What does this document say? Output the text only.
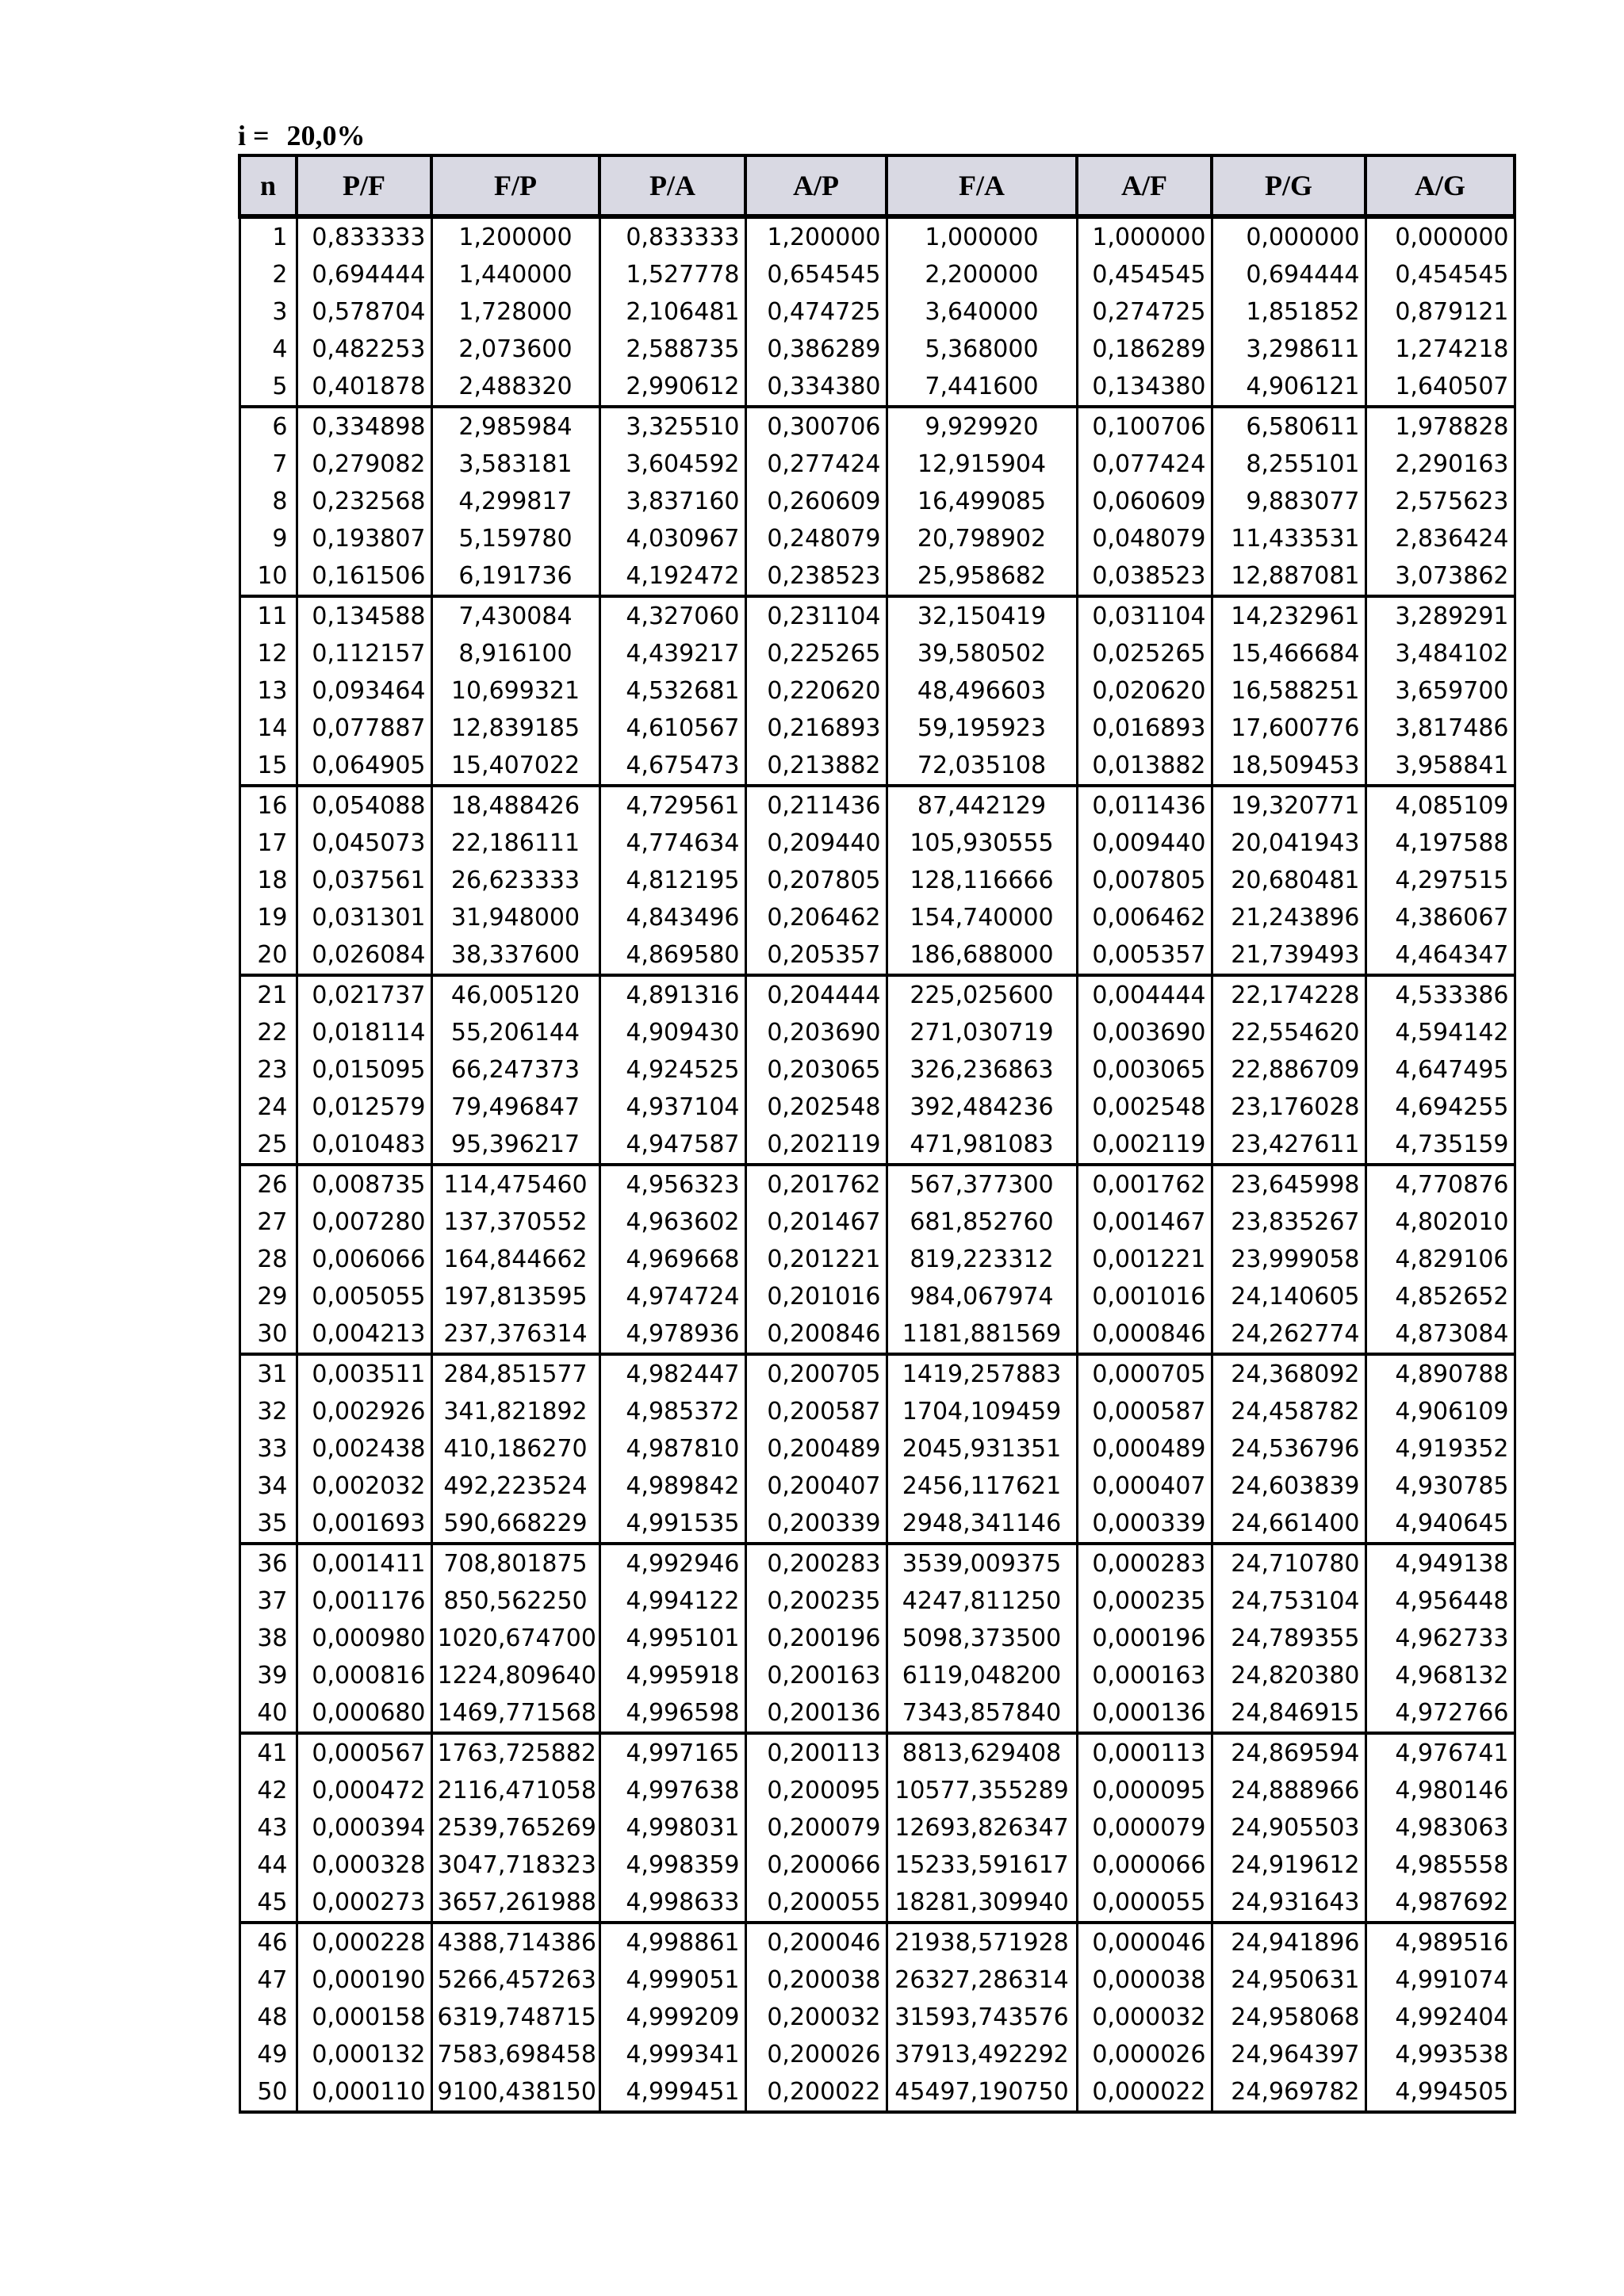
i = 20,0%
n	P/F	F/P	P/A	A/P	F/A	A/F	P/G	A/G
1	0,833333	1,200000	0,833333	1,200000	1,000000	1,000000	0,000000	0,000000
2	0,694444	1,440000	1,527778	0,654545	2,200000	0,454545	0,694444	0,454545
3	0,578704	1,728000	2,106481	0,474725	3,640000	0,274725	1,851852	0,879121
4	0,482253	2,073600	2,588735	0,386289	5,368000	0,186289	3,298611	1,274218
5	0,401878	2,488320	2,990612	0,334380	7,441600	0,134380	4,906121	1,640507
6	0,334898	2,985984	3,325510	0,300706	9,929920	0,100706	6,580611	1,978828
7	0,279082	3,583181	3,604592	0,277424	12,915904	0,077424	8,255101	2,290163
8	0,232568	4,299817	3,837160	0,260609	16,499085	0,060609	9,883077	2,575623
9	0,193807	5,159780	4,030967	0,248079	20,798902	0,048079	11,433531	2,836424
10	0,161506	6,191736	4,192472	0,238523	25,958682	0,038523	12,887081	3,073862
11	0,134588	7,430084	4,327060	0,231104	32,150419	0,031104	14,232961	3,289291
12	0,112157	8,916100	4,439217	0,225265	39,580502	0,025265	15,466684	3,484102
13	0,093464	10,699321	4,532681	0,220620	48,496603	0,020620	16,588251	3,659700
14	0,077887	12,839185	4,610567	0,216893	59,195923	0,016893	17,600776	3,817486
15	0,064905	15,407022	4,675473	0,213882	72,035108	0,013882	18,509453	3,958841
16	0,054088	18,488426	4,729561	0,211436	87,442129	0,011436	19,320771	4,085109
17	0,045073	22,186111	4,774634	0,209440	105,930555	0,009440	20,041943	4,197588
18	0,037561	26,623333	4,812195	0,207805	128,116666	0,007805	20,680481	4,297515
19	0,031301	31,948000	4,843496	0,206462	154,740000	0,006462	21,243896	4,386067
20	0,026084	38,337600	4,869580	0,205357	186,688000	0,005357	21,739493	4,464347
21	0,021737	46,005120	4,891316	0,204444	225,025600	0,004444	22,174228	4,533386
22	0,018114	55,206144	4,909430	0,203690	271,030719	0,003690	22,554620	4,594142
23	0,015095	66,247373	4,924525	0,203065	326,236863	0,003065	22,886709	4,647495
24	0,012579	79,496847	4,937104	0,202548	392,484236	0,002548	23,176028	4,694255
25	0,010483	95,396217	4,947587	0,202119	471,981083	0,002119	23,427611	4,735159
26	0,008735	114,475460	4,956323	0,201762	567,377300	0,001762	23,645998	4,770876
27	0,007280	137,370552	4,963602	0,201467	681,852760	0,001467	23,835267	4,802010
28	0,006066	164,844662	4,969668	0,201221	819,223312	0,001221	23,999058	4,829106
29	0,005055	197,813595	4,974724	0,201016	984,067974	0,001016	24,140605	4,852652
30	0,004213	237,376314	4,978936	0,200846	1181,881569	0,000846	24,262774	4,873084
31	0,003511	284,851577	4,982447	0,200705	1419,257883	0,000705	24,368092	4,890788
32	0,002926	341,821892	4,985372	0,200587	1704,109459	0,000587	24,458782	4,906109
33	0,002438	410,186270	4,987810	0,200489	2045,931351	0,000489	24,536796	4,919352
34	0,002032	492,223524	4,989842	0,200407	2456,117621	0,000407	24,603839	4,930785
35	0,001693	590,668229	4,991535	0,200339	2948,341146	0,000339	24,661400	4,940645
36	0,001411	708,801875	4,992946	0,200283	3539,009375	0,000283	24,710780	4,949138
37	0,001176	850,562250	4,994122	0,200235	4247,811250	0,000235	24,753104	4,956448
38	0,000980	1020,674700	4,995101	0,200196	5098,373500	0,000196	24,789355	4,962733
39	0,000816	1224,809640	4,995918	0,200163	6119,048200	0,000163	24,820380	4,968132
40	0,000680	1469,771568	4,996598	0,200136	7343,857840	0,000136	24,846915	4,972766
41	0,000567	1763,725882	4,997165	0,200113	8813,629408	0,000113	24,869594	4,976741
42	0,000472	2116,471058	4,997638	0,200095	10577,355289	0,000095	24,888966	4,980146
43	0,000394	2539,765269	4,998031	0,200079	12693,826347	0,000079	24,905503	4,983063
44	0,000328	3047,718323	4,998359	0,200066	15233,591617	0,000066	24,919612	4,985558
45	0,000273	3657,261988	4,998633	0,200055	18281,309940	0,000055	24,931643	4,987692
46	0,000228	4388,714386	4,998861	0,200046	21938,571928	0,000046	24,941896	4,989516
47	0,000190	5266,457263	4,999051	0,200038	26327,286314	0,000038	24,950631	4,991074
48	0,000158	6319,748715	4,999209	0,200032	31593,743576	0,000032	24,958068	4,992404
49	0,000132	7583,698458	4,999341	0,200026	37913,492292	0,000026	24,964397	4,993538
50	0,000110	9100,438150	4,999451	0,200022	45497,190750	0,000022	24,969782	4,994505
